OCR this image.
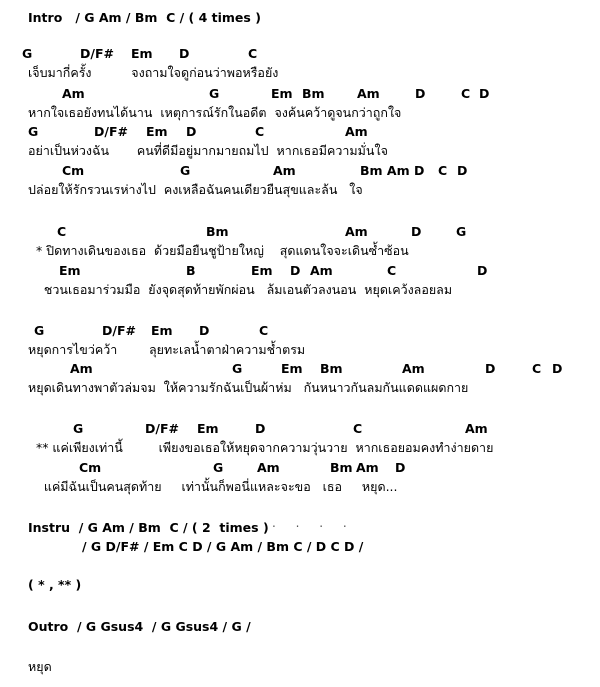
Intro   / G Am / Bm  C / ( 4 times )
G	D/F# Em D	C
เจ็บมากี่ครั้ง          จงถามใจดูก่อนว่าพอหรือยัง
Am	G	Em Bm	Am	D	C D
หากใจเธอยังทนได้นาน  เหตุการณ์รักในอดีต  จงค้นคว้าดูจนกว่าถูกใจ
G	D/F# Em D	C	Am
อย่าเป็นห่วงฉัน       คนที่ดีมีอยู่มากมายถมไป  หากเธอมีความมั่นใจ
Cm	G	Am	Bm Am D C D
ปล่อยให้รักรวนเรห่างไป  คงเหลือฉันคนเดียวยืนสุขและล้น   ใจ
C	Bm	Am	D	G
* ปิดทางเดินของเธอ  ด้วยมือยืนชูป้ายใหญ่    สุดแดนใจจะเดินซ้ำซ้อน
Em	B	Em D Am	C	D
ชวนเธอมาร่วมมือ  ยังจุดสุดท้ายพักผ่อน   ล้มเอนตัวลงนอน  หยุดเคว้งลอยลม
G	D/F# Em D	C
หยุดการไขว่คว้า        ลุยทะเลน้ำตาฝ่าความช้ำตรม
Am	G	Em Bm	Am	D	C D
หยุดเดินทางพาตัวล่มจม  ให้ความรักฉันเป็นผ้าห่ม   กันหนาวกันลมกันแดดแผดกาย
G	D/F# Em	D	C	Am
** แค่เพียงเท่านี้         เพียงขอเธอให้หยุดจากความวุ่นวาย  หากเธอยอมคงทำง่ายดาย
Cm	G	Am	Bm Am D
แค่มีฉันเป็นคนสุดท้าย     เท่านั้นก็พอนี่แหละจะขอ   เธอ     หยุด...
Instru  / G Am / Bm  C / ( 2  times ) . . . .
/ G D/F# / Em C D / G Am / Bm C / D C D /
( * , ** )
Outro  / G Gsus4  / G Gsus4 / G /
หยุด
